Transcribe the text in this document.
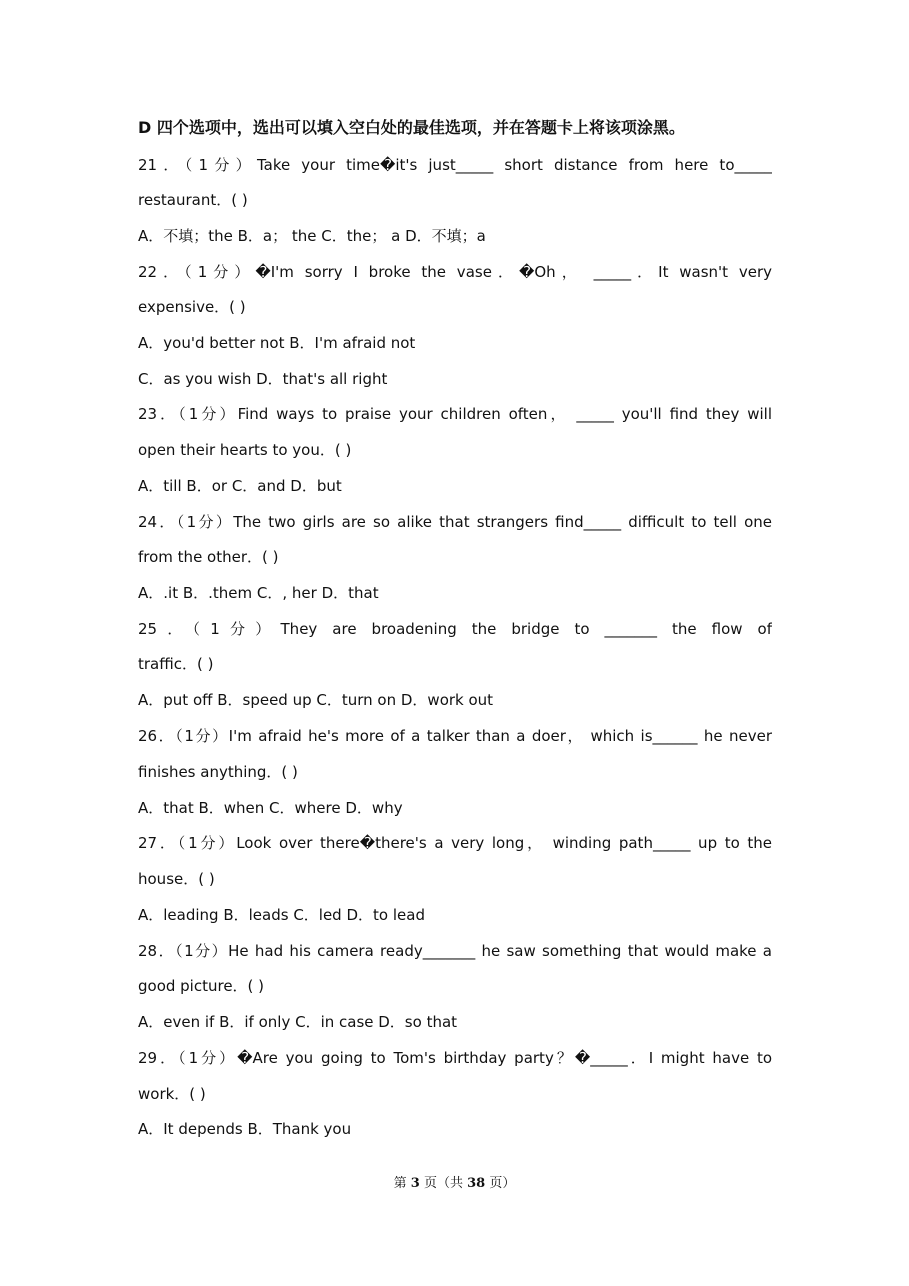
D 四个选项中，选出可以填入空白处的最佳选项，并在答题卡上将该项涂黑。
21．（1分）Take your time�it's just_____ short distance from here to_____
restaurant．( )
A．不填；the B．a； the C．the； a D．不填；a
22．（1分）�I'm sorry I broke the vase．�Oh， _____．It wasn't very
expensive．( )
A．you'd better not B．I'm afraid not
C．as you wish D．that's all right
23．（1分）Find ways to praise your children often， _____ you'll find they will
open their hearts to you．( )
A．till B．or C．and D．but
24．（1分）The two girls are so alike that strangers find_____ difficult to tell one
from the other．( )
A．.it B．.them C．, her D．that
25．（1分）They are broadening the bridge to _______ the flow of
traffic．( )
A．put off B．speed up C．turn on D．work out
26．（1分）I'm afraid he's more of a talker than a doer， which is______ he never
finishes anything．( )
A．that B．when C．where D．why
27．（1分）Look over there�there's a very long， winding path_____ up to the
house．( )
A．leading B．leads C．led D．to lead
28．（1分）He had his camera ready_______ he saw something that would make a
good picture．( )
A．even if B．if only C．in case D．so that
29．（1分）�Are you going to Tom's birthday party？�_____．I might have to
work．( )
A．It depends B．Thank you
第 3 页（共 38 页）
